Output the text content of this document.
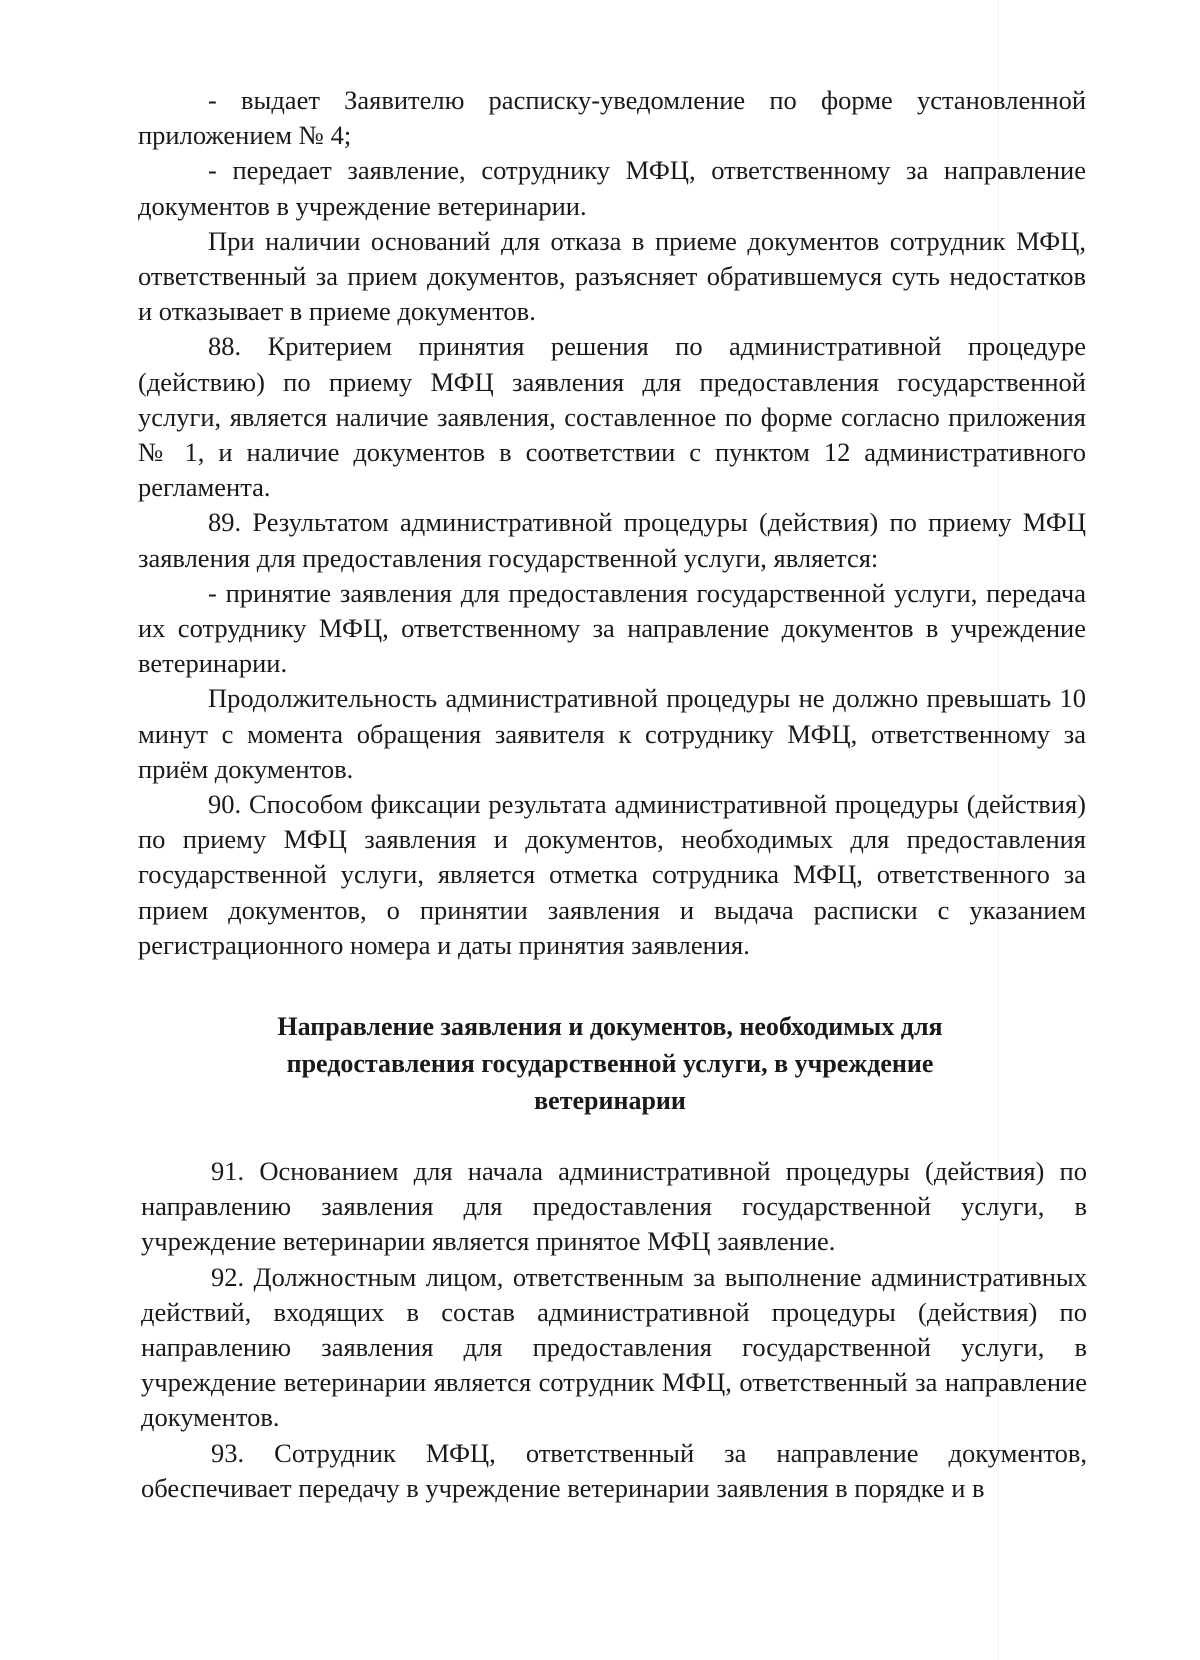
- выдает Заявителю расписку-уведомление по форме установленной приложением № 4;

- передает заявление, сотруднику МФЦ, ответственному за направление документов в учреждение ветеринарии.

При наличии оснований для отказа в приеме документов сотрудник МФЦ, ответственный за прием документов, разъясняет обратившемуся суть недостатков и отказывает в приеме документов.

88. Критерием принятия решения по административной процедуре (действию) по приему МФЦ заявления для предоставления государственной услуги, является наличие заявления, составленное по форме согласно приложения № 1, и наличие документов в соответствии с пунктом 12 административного регламента.

89. Результатом административной процедуры (действия) по приему МФЦ заявления для предоставления государственной услуги, является:

- принятие заявления для предоставления государственной услуги, передача их сотруднику МФЦ, ответственному за направление документов в учреждение ветеринарии.

Продолжительность административной процедуры не должно превышать 10 минут с момента обращения заявителя к сотруднику МФЦ, ответственному за приём документов.

90. Способом фиксации результата административной процедуры (действия) по приему МФЦ заявления и документов, необходимых для предоставления государственной услуги, является отметка сотрудника МФЦ, ответственного за прием документов, о принятии заявления и выдача расписки с указанием регистрационного номера и даты принятия заявления.

Направление заявления и документов, необходимых для предоставления государственной услуги, в учреждение ветеринарии

91. Основанием для начала административной процедуры (действия) по направлению заявления для предоставления государственной услуги, в учреждение ветеринарии является принятое МФЦ заявление.

92. Должностным лицом, ответственным за выполнение административных действий, входящих в состав административной процедуры (действия) по направлению заявления для предоставления государственной услуги, в учреждение ветеринарии является сотрудник МФЦ, ответственный за направление документов.

93. Сотрудник МФЦ, ответственный за направление документов, обеспечивает передачу в учреждение ветеринарии заявления в порядке и в
